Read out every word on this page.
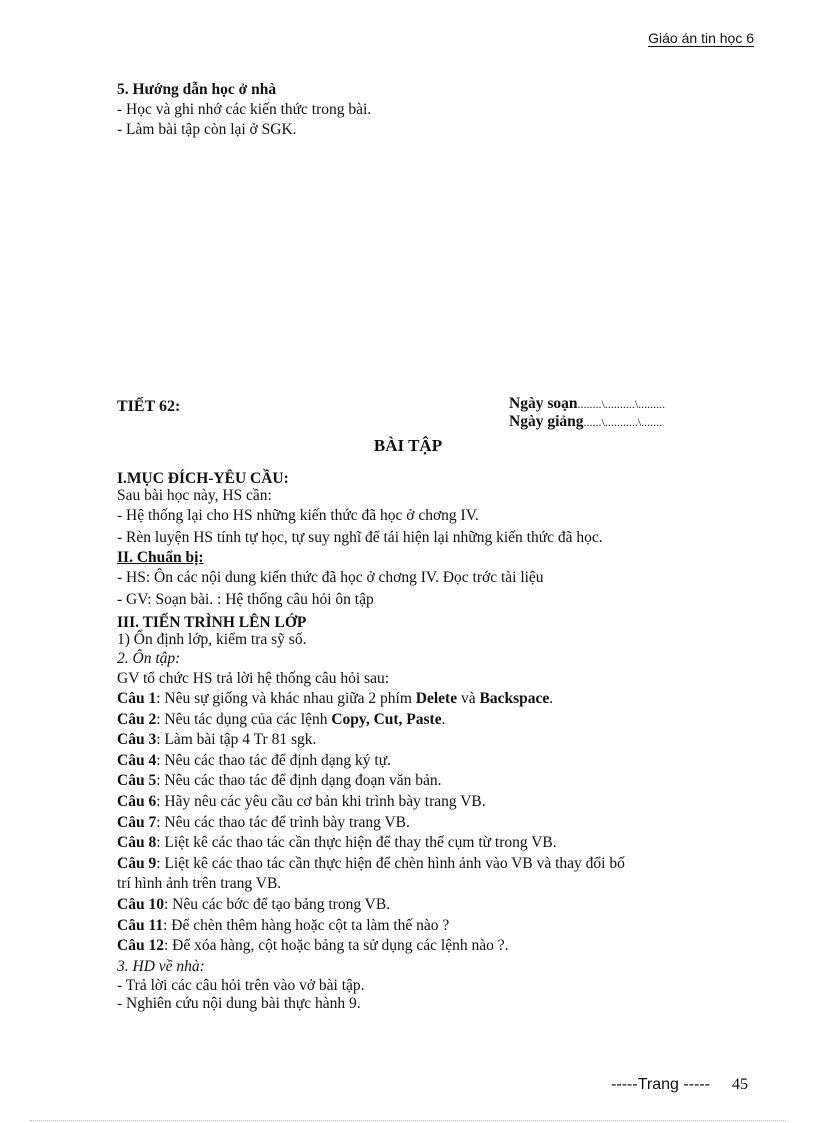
Giáo án tin học 6
5. Hướng dẫn học ở nhà
- Học và ghi nhớ các kiến thức trong bài.
- Làm bài tập còn lại ở SGK.
TIẾT 62:	Ngày soạn........\..........\.........
Ngày giảng......\...........\.......
BÀI TẬP
I.MỤC ĐÍCH-YÊU CẦU:
Sau bài học này, HS cần:
- Hệ thống lại cho HS những kiến thức đã học ở chơng IV.
- Rèn luyện HS tính tự học, tự suy nghĩ để tái hiện lại những kiến thức đã học.
II. Chuẩn bị:
- HS: Ôn các nội dung kiến thức đã học ở chơng IV. Đọc trớc tài liệu
- GV: Soạn bài. : Hệ thống câu hỏi ôn tập
III. TIẾN TRÌNH LÊN LỚP
1) Ổn định lớp, kiểm tra sỹ số.
2. Ôn tập:
GV tổ chức HS trả lời hệ thống câu hỏi sau:
Câu 1: Nêu sự giống và khác nhau giữa 2 phím Delete và Backspace.
Câu 2: Nêu tác dụng của các lệnh Copy, Cut, Paste.
Câu 3: Làm bài tập 4 Tr 81 sgk.
Câu 4: Nêu các thao tác để định dạng ký tự.
Câu 5: Nêu các thao tác để định dạng đoạn văn bản.
Câu 6: Hãy nêu các yêu cầu cơ bản khi trình bày trang VB.
Câu 7: Nêu các thao tác để trình bày trang VB.
Câu 8: Liệt kê các thao tác cần thực hiện để thay thế cụm từ trong VB.
Câu 9: Liệt kê các thao tác cần thực hiện để chèn hình ảnh vào VB và thay đổi bố
trí hình ảnh trên trang VB.
Câu 10: Nêu các bớc để tạo bảng trong VB.
Câu 11: Để chèn thêm hàng hoặc cột ta làm thế nào ?
Câu 12: Để xóa hàng, cột hoặc bảng ta sử dụng các lệnh nào ?.
3. HD về nhà:
- Trả lời các câu hỏi trên vào vở bài tập.
- Nghiên cứu nội dung bài thực hành 9.
-----Trang ----- 45
